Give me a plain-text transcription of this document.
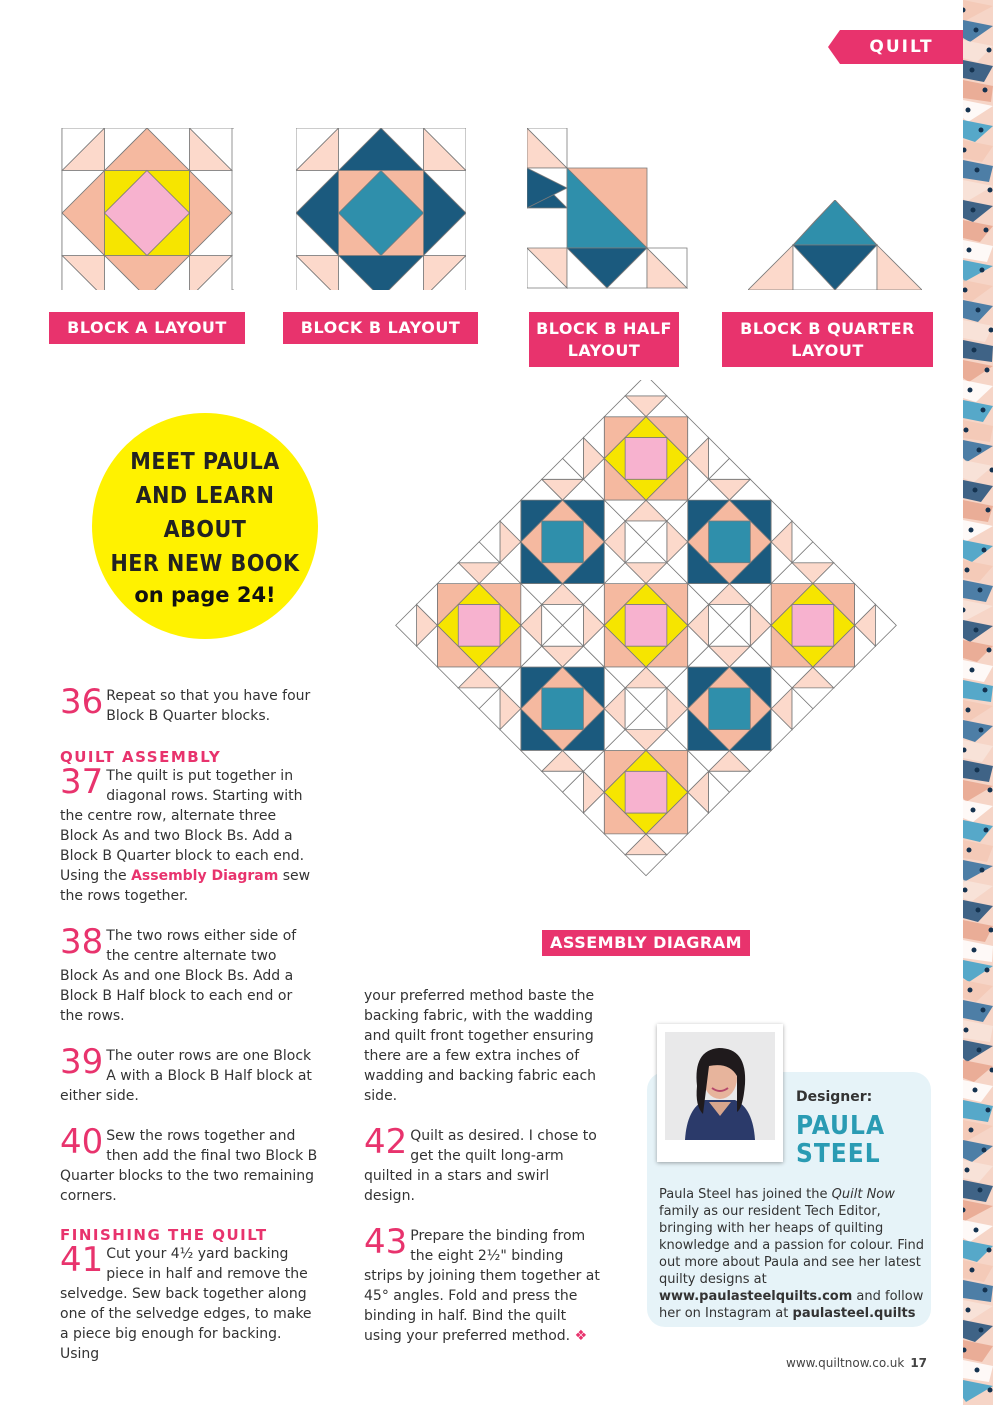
QUILT
BLOCK A LAYOUT	BLOCK B LAYOUT	BLOCK B HALF
LAYOUT
BLOCK B QUARTER
LAYOUT
ASSEMBLY DIAGRAM
MEET PAULA
AND LEARN ABOUT
HER NEW BOOK
on page 24!

36 Repeat so that you have four Block B Quarter blocks.

QUILT ASSEMBLY

37 The quilt is put together in diagonal rows. Starting with the centre row, alternate three Block As and two Block Bs. Add a Block B Quarter block to each end. Using the Assembly Diagram sew the rows together.

38 The two rows either side of the centre alternate two Block As and one Block Bs. Add a Block B Half block to each end or the rows.

39 The outer rows are one Block A with a Block B Half block at either side.

40 Sew the rows together and then add the final two Block B Quarter blocks to the two remaining corners.

FINISHING THE QUILT

41 Cut your 4½ yard backing piece in half and remove the selvedge. Sew back together along one of the selvedge edges, to make a piece big enough for backing. Using

your preferred method baste the backing fabric, with the wadding and quilt front together ensuring there are a few extra inches of wadding and backing fabric each side.

42 Quilt as desired. I chose to get the quilt long-arm quilted in a stars and swirl design.

43 Prepare the binding from the eight 2½" binding strips by joining them together at 45° angles. Fold and press the binding in half. Bind the quilt using your preferred method. ❖

Designer:
PAULA
STEEL
Paula Steel has joined the Quilt Now family as our resident Tech Editor, bringing with her heaps of quilting knowledge and a passion for colour. Find out more about Paula and see her latest quilty designs at www.paulasteelquilts.com and follow her on Instagram at paulasteel.quilts
www.quiltnow.co.uk 17
